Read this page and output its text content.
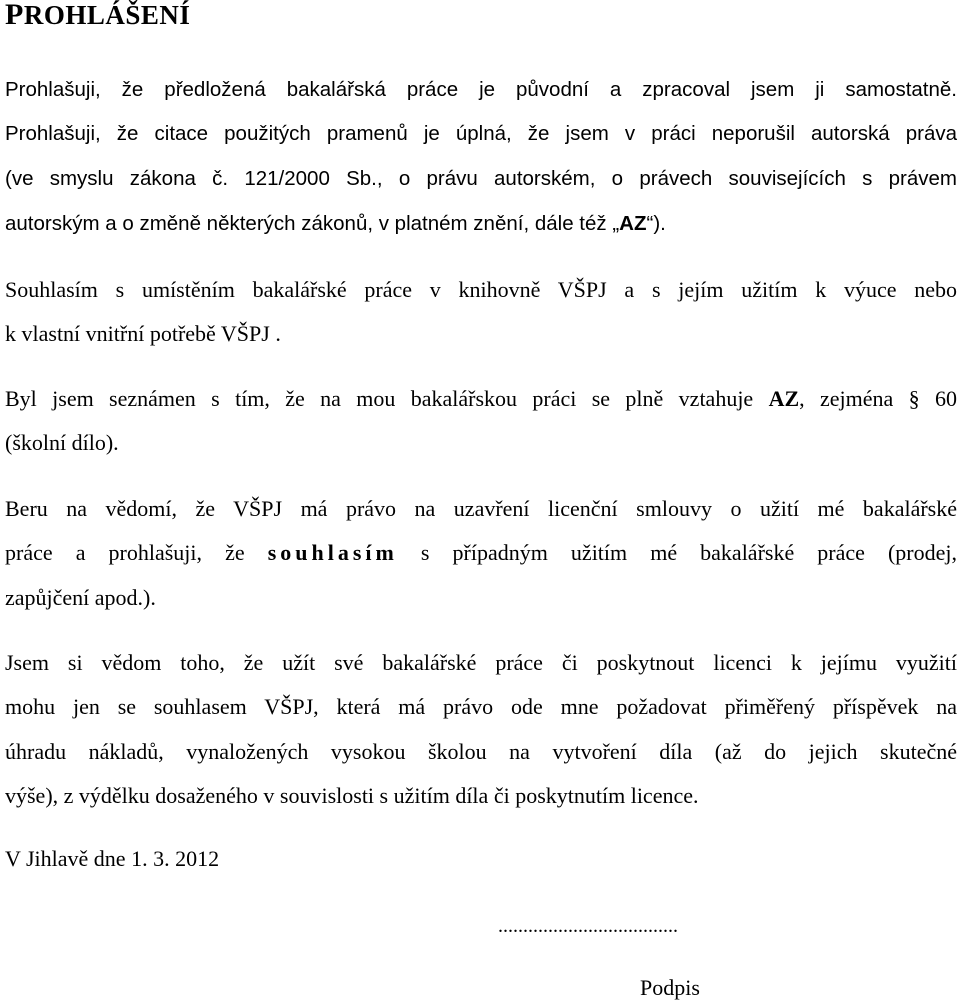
PROHLÁŠENÍ
Prohlašuji, že předložená bakalářská práce je původní a zpracoval jsem ji samostatně.
Prohlašuji, že citace použitých pramenů je úplná, že jsem v práci neporušil autorská práva
(ve smyslu zákona č. 121/2000 Sb., o právu autorském, o právech souvisejících s právem
autorským a o změně některých zákonů, v platném znění, dále též „AZ“).
Souhlasím s umístěním bakalářské práce v knihovně VŠPJ a s jejím užitím k výuce nebo
k vlastní vnitřní potřebě VŠPJ .
Byl jsem seznámen s tím, že na mou bakalářskou práci se plně vztahuje AZ, zejména § 60
(školní dílo).
Beru na vědomí, že VŠPJ má právo na uzavření licenční smlouvy o užití mé bakalářské
práce a prohlašuji, že souhlasím s případným užitím mé bakalářské práce (prodej,
zapůjčení apod.).
Jsem si vědom toho, že užít své bakalářské práce či poskytnout licenci k jejímu využití
mohu jen se souhlasem VŠPJ, která má právo ode mne požadovat přiměřený příspěvek na
úhradu nákladů, vynaložených vysokou školou na vytvoření díla (až do jejich skutečné
výše), z výdělku dosaženého v souvislosti s užitím díla či poskytnutím licence.
V Jihlavě dne 1. 3. 2012
....................................
Podpis
